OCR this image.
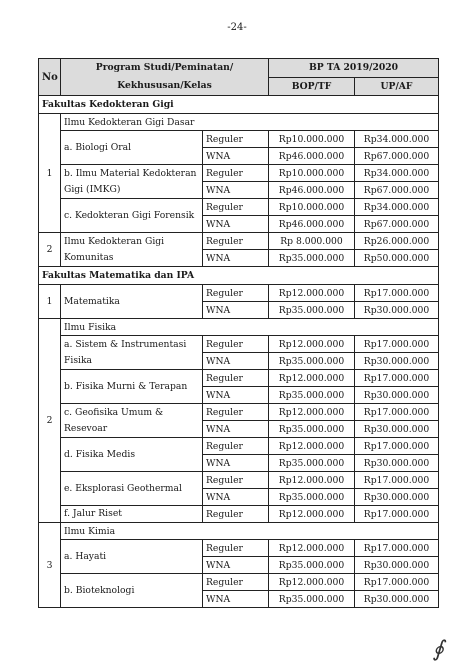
-24-
No	Program Studi/Peminatan/
Kekhususan/Kelas		BP TA 2019/2020	
			BOP/TF	UP/AF
Fakultas Kedokteran Gigi				
1	Ilmu Kedokteran Gigi Dasar			
	a. Biologi Oral	Reguler	Rp10.000.000	Rp34.000.000
		WNA	Rp46.000.000	Rp67.000.000
	b. Ilmu Material Kedokteran Gigi (IMKG)	Reguler	Rp10.000.000	Rp34.000.000
		WNA	Rp46.000.000	Rp67.000.000
	c. Kedokteran Gigi Forensik	Reguler	Rp10.000.000	Rp34.000.000
		WNA	Rp46.000.000	Rp67.000.000
2	Ilmu Kedokteran Gigi Komunitas	Reguler	Rp 8.000.000	Rp26.000.000
		WNA	Rp35.000.000	Rp50.000.000
Fakultas Matematika dan IPA				
1	Matematika	Reguler	Rp12.000.000	Rp17.000.000
		WNA	Rp35.000.000	Rp30.000.000
2	Ilmu Fisika			
	a. Sistem & Instrumentasi Fisika	Reguler	Rp12.000.000	Rp17.000.000
		WNA	Rp35.000.000	Rp30.000.000
	b. Fisika Murni & Terapan	Reguler	Rp12.000.000	Rp17.000.000
		WNA	Rp35.000.000	Rp30.000.000
	c. Geofisika Umum & Resevoar	Reguler	Rp12.000.000	Rp17.000.000
		WNA	Rp35.000.000	Rp30.000.000
	d. Fisika Medis	Reguler	Rp12.000.000	Rp17.000.000
		WNA	Rp35.000.000	Rp30.000.000
	e. Eksplorasi Geothermal	Reguler	Rp12.000.000	Rp17.000.000
		WNA	Rp35.000.000	Rp30.000.000
	f. Jalur Riset	Reguler	Rp12.000.000	Rp17.000.000
3	Ilmu Kimia			
	a. Hayati	Reguler	Rp12.000.000	Rp17.000.000
		WNA	Rp35.000.000	Rp30.000.000
	b. Bioteknologi	Reguler	Rp12.000.000	Rp17.000.000
		WNA	Rp35.000.000	Rp30.000.000
∮
